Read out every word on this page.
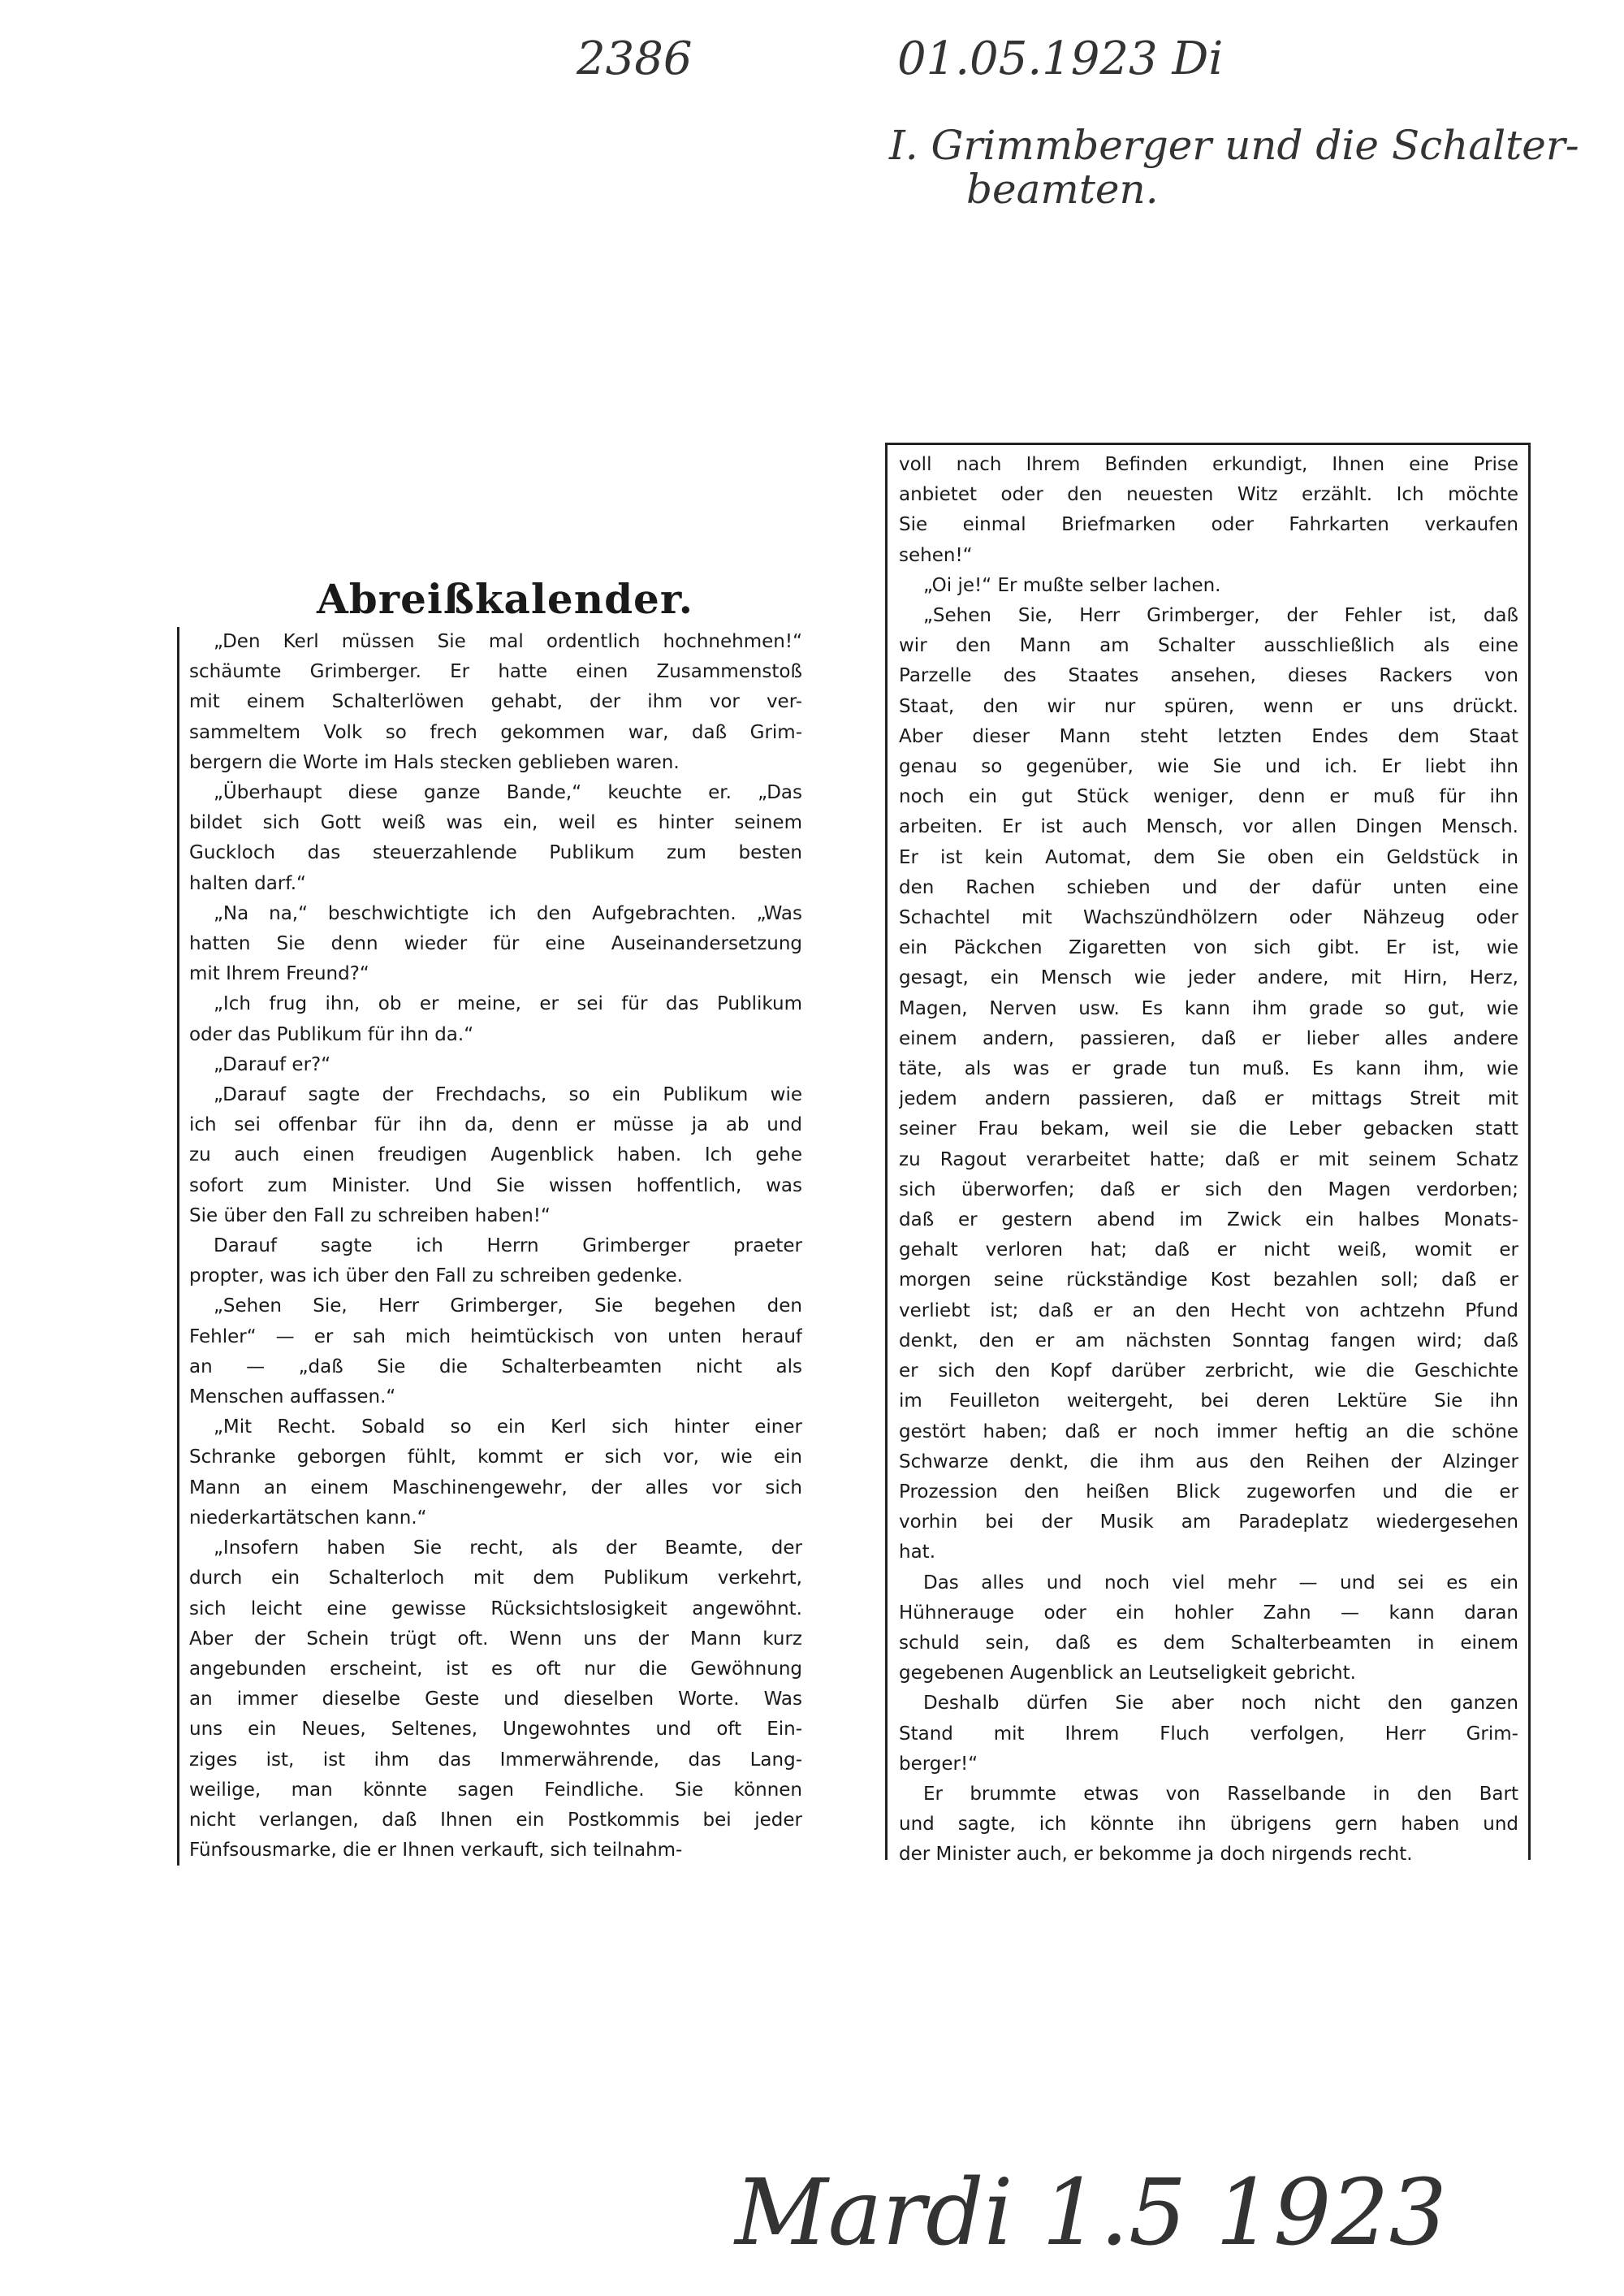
2386	01.05.1923 Di
I. Grimmberger und die Schalter-
beamten.
Abreißkalender.
„Den Kerl müssen Sie mal ordentlich hochnehmen!“
schäumte Grimberger. Er hatte einen Zusammenstoß
mit einem Schalterlöwen gehabt, der ihm vor ver-
sammeltem Volk so frech gekommen war, daß Grim-
bergern die Worte im Hals stecken geblieben waren.
„Überhaupt diese ganze Bande,“ keuchte er. „Das
bildet sich Gott weiß was ein, weil es hinter seinem
Guckloch das steuerzahlende Publikum zum besten
halten darf.“
„Na na,“ beschwichtigte ich den Aufgebrachten. „Was
hatten Sie denn wieder für eine Auseinandersetzung
mit Ihrem Freund?“
„Ich frug ihn, ob er meine, er sei für das Publikum
oder das Publikum für ihn da.“
„Darauf er?“
„Darauf sagte der Frechdachs, so ein Publikum wie
ich sei offenbar für ihn da, denn er müsse ja ab und
zu auch einen freudigen Augenblick haben. Ich gehe
sofort zum Minister. Und Sie wissen hoffentlich, was
Sie über den Fall zu schreiben haben!“
Darauf sagte ich Herrn Grimberger praeter
propter, was ich über den Fall zu schreiben gedenke.
„Sehen Sie, Herr Grimberger, Sie begehen den
Fehler“ — er sah mich heimtückisch von unten herauf
an — „daß Sie die Schalterbeamten nicht als
Menschen auffassen.“
„Mit Recht. Sobald so ein Kerl sich hinter einer
Schranke geborgen fühlt, kommt er sich vor, wie ein
Mann an einem Maschinengewehr, der alles vor sich
niederkartätschen kann.“
„Insofern haben Sie recht, als der Beamte, der
durch ein Schalterloch mit dem Publikum verkehrt,
sich leicht eine gewisse Rücksichtslosigkeit angewöhnt.
Aber der Schein trügt oft. Wenn uns der Mann kurz
angebunden erscheint, ist es oft nur die Gewöhnung
an immer dieselbe Geste und dieselben Worte. Was
uns ein Neues, Seltenes, Ungewohntes und oft Ein-
ziges ist, ist ihm das Immerwährende, das Lang-
weilige, man könnte sagen Feindliche. Sie können
nicht verlangen, daß Ihnen ein Postkommis bei jeder
Fünfsousmarke, die er Ihnen verkauft, sich teilnahm-
voll nach Ihrem Befinden erkundigt, Ihnen eine Prise
anbietet oder den neuesten Witz erzählt. Ich möchte
Sie einmal Briefmarken oder Fahrkarten verkaufen
sehen!“
„Oi je!“ Er mußte selber lachen.
„Sehen Sie, Herr Grimberger, der Fehler ist, daß
wir den Mann am Schalter ausschließlich als eine
Parzelle des Staates ansehen, dieses Rackers von
Staat, den wir nur spüren, wenn er uns drückt.
Aber dieser Mann steht letzten Endes dem Staat
genau so gegenüber, wie Sie und ich. Er liebt ihn
noch ein gut Stück weniger, denn er muß für ihn
arbeiten. Er ist auch Mensch, vor allen Dingen Mensch.
Er ist kein Automat, dem Sie oben ein Geldstück in
den Rachen schieben und der dafür unten eine
Schachtel mit Wachszündhölzern oder Nähzeug oder
ein Päckchen Zigaretten von sich gibt. Er ist, wie
gesagt, ein Mensch wie jeder andere, mit Hirn, Herz,
Magen, Nerven usw. Es kann ihm grade so gut, wie
einem andern, passieren, daß er lieber alles andere
täte, als was er grade tun muß. Es kann ihm, wie
jedem andern passieren, daß er mittags Streit mit
seiner Frau bekam, weil sie die Leber gebacken statt
zu Ragout verarbeitet hatte; daß er mit seinem Schatz
sich überworfen; daß er sich den Magen verdorben;
daß er gestern abend im Zwick ein halbes Monats-
gehalt verloren hat; daß er nicht weiß, womit er
morgen seine rückständige Kost bezahlen soll; daß er
verliebt ist; daß er an den Hecht von achtzehn Pfund
denkt, den er am nächsten Sonntag fangen wird; daß
er sich den Kopf darüber zerbricht, wie die Geschichte
im Feuilleton weitergeht, bei deren Lektüre Sie ihn
gestört haben; daß er noch immer heftig an die schöne
Schwarze denkt, die ihm aus den Reihen der Alzinger
Prozession den heißen Blick zugeworfen und die er
vorhin bei der Musik am Paradeplatz wiedergesehen
hat.
Das alles und noch viel mehr — und sei es ein
Hühnerauge oder ein hohler Zahn — kann daran
schuld sein, daß es dem Schalterbeamten in einem
gegebenen Augenblick an Leutseligkeit gebricht.
Deshalb dürfen Sie aber noch nicht den ganzen
Stand mit Ihrem Fluch verfolgen, Herr Grim-
berger!“
Er brummte etwas von Rasselbande in den Bart
und sagte, ich könnte ihn übrigens gern haben und
der Minister auch, er bekomme ja doch nirgends recht.
Mardi 1.5 1923
